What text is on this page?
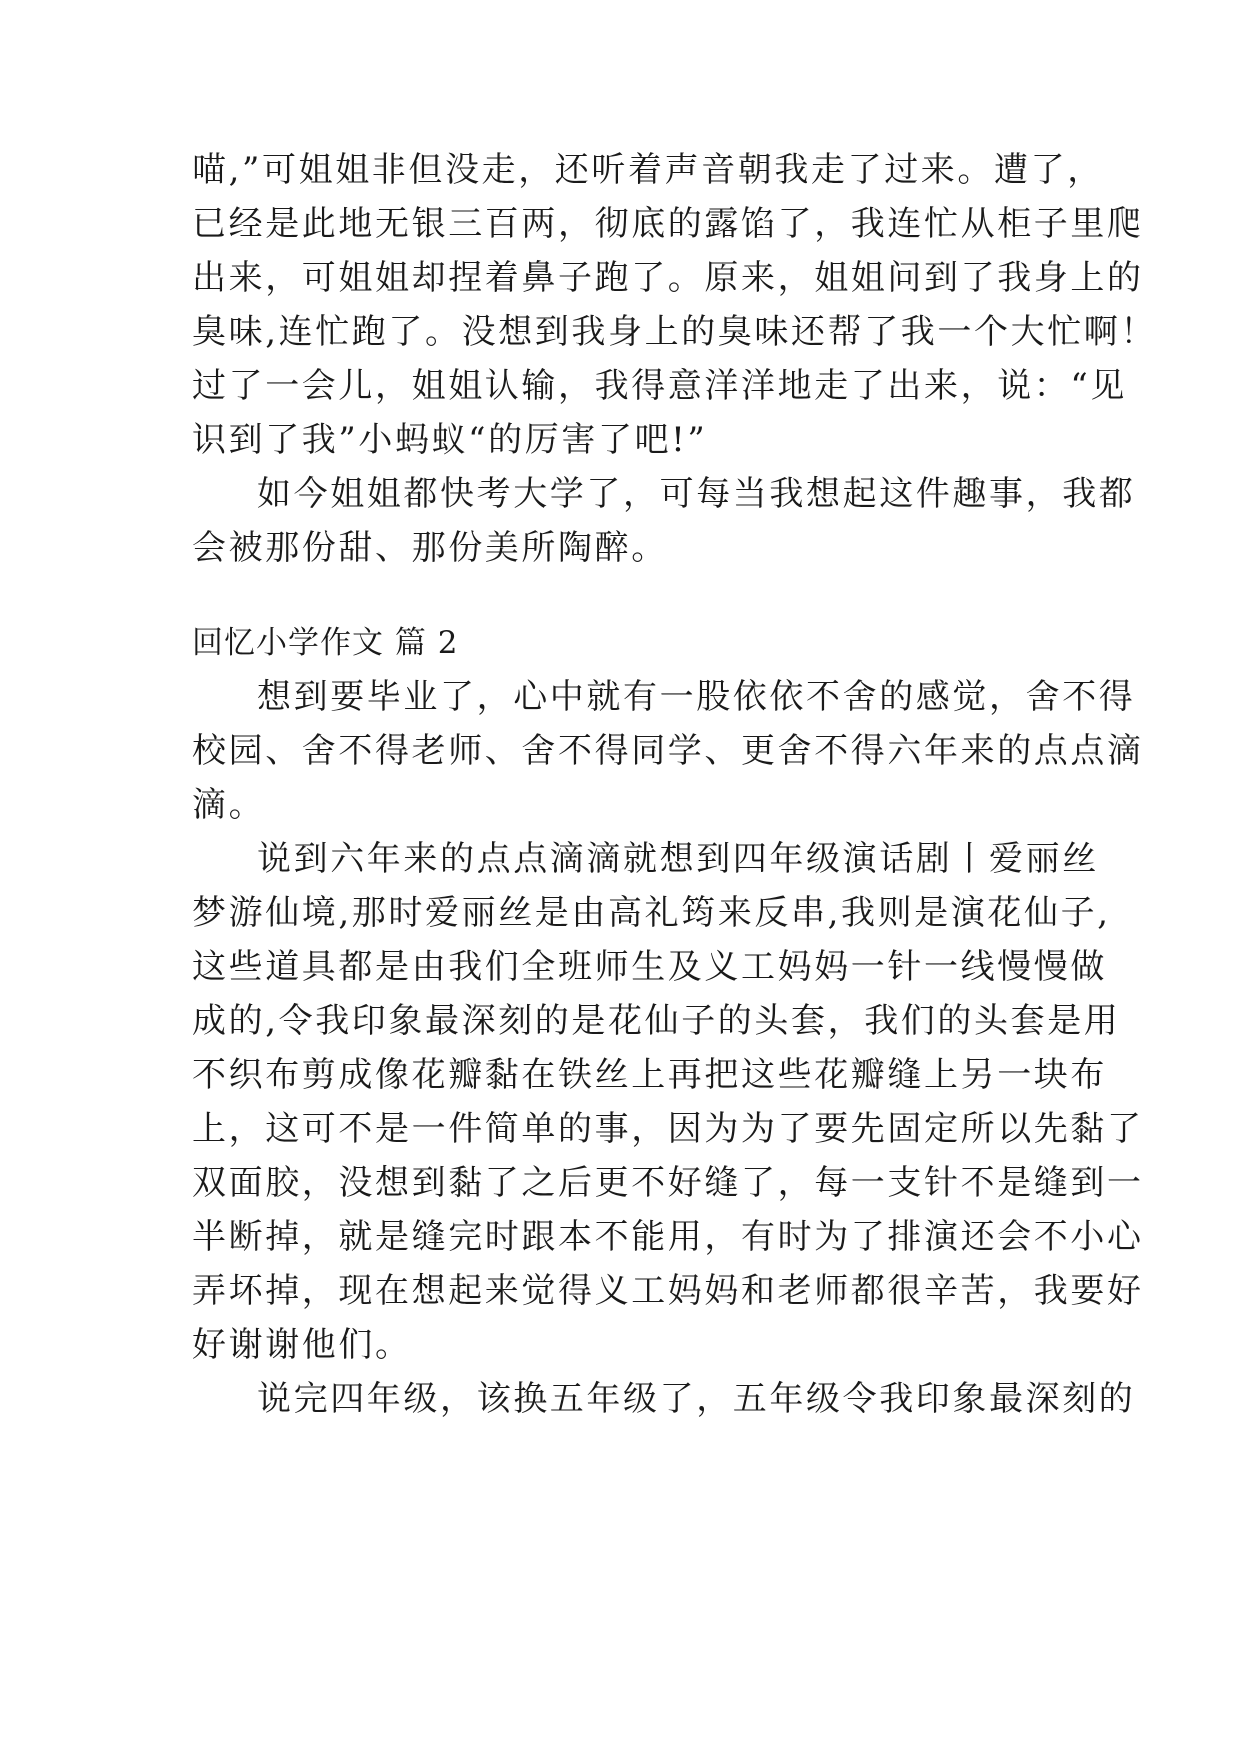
喵,”可姐姐非但没走，还听着声音朝我走了过来。遭了，
已经是此地无银三百两，彻底的露馅了，我连忙从柜子里爬
出来，可姐姐却捏着鼻子跑了。原来，姐姐问到了我身上的
臭味,连忙跑了。没想到我身上的臭味还帮了我一个大忙啊！
过了一会儿，姐姐认输，我得意洋洋地走了出来，说：“见
识到了我”小蚂蚁“的厉害了吧!”
如今姐姐都快考大学了，可每当我想起这件趣事，我都
会被那份甜、那份美所陶醉。
回忆小学作文 篇 2
想到要毕业了，心中就有一股依依不舍的感觉，舍不得
校园、舍不得老师、舍不得同学、更舍不得六年来的点点滴
滴。
说到六年来的点点滴滴就想到四年级演话剧丨爱丽丝
梦游仙境,那时爱丽丝是由高礼筠来反串,我则是演花仙子,
这些道具都是由我们全班师生及义工妈妈一针一线慢慢做
成的,令我印象最深刻的是花仙子的头套，我们的头套是用
不织布剪成像花瓣黏在铁丝上再把这些花瓣缝上另一块布
上，这可不是一件简单的事，因为为了要先固定所以先黏了
双面胶，没想到黏了之后更不好缝了，每一支针不是缝到一
半断掉，就是缝完时跟本不能用，有时为了排演还会不小心
弄坏掉，现在想起来觉得义工妈妈和老师都很辛苦，我要好
好谢谢他们。
说完四年级，该换五年级了，五年级令我印象最深刻的
